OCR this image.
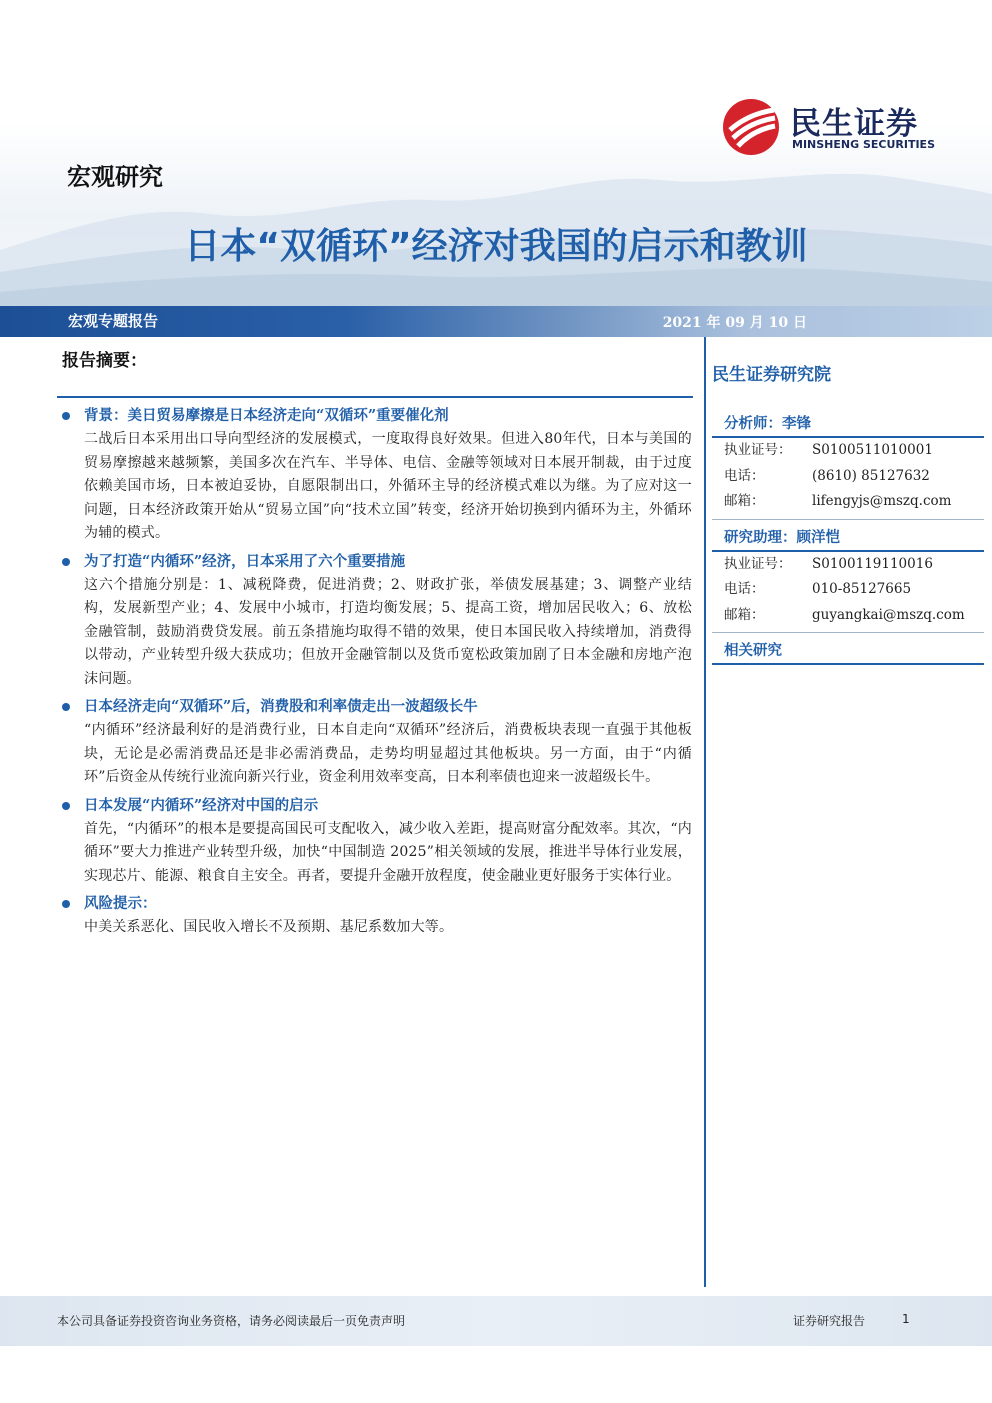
宏观研究
民生证券
MINSHENG SECURITIES
日本“双循环”经济对我国的启示和教训
宏观专题报告	2021 年 09 月 10 日
报告摘要：
背景：美日贸易摩擦是日本经济走向“双循环”重要催化剂
二战后日本采用出口导向型经济的发展模式，一度取得良好效果。但进入80年代，日本与美国的贸易摩擦越来越频繁，美国多次在汽车、半导体、电信、金融等领域对日本展开制裁，由于过度依赖美国市场，日本被迫妥协，自愿限制出口，外循环主导的经济模式难以为继。为了应对这一问题，日本经济政策开始从“贸易立国”向“技术立国”转变，经济开始切换到内循环为主，外循环为辅的模式。
为了打造“内循环”经济，日本采用了六个重要措施
这六个措施分别是：1、减税降费，促进消费；2、财政扩张，举债发展基建；3、调整产业结构，发展新型产业；4、发展中小城市，打造均衡发展；5、提高工资，增加居民收入；6、放松金融管制，鼓励消费贷发展。前五条措施均取得不错的效果，使日本国民收入持续增加，消费得以带动，产业转型升级大获成功；但放开金融管制以及货币宽松政策加剧了日本金融和房地产泡沫问题。
日本经济走向“双循环”后，消费股和利率债走出一波超级长牛
“内循环”经济最利好的是消费行业，日本自走向“双循环”经济后，消费板块表现一直强于其他板块，无论是必需消费品还是非必需消费品，走势均明显超过其他板块。另一方面，由于“内循环”后资金从传统行业流向新兴行业，资金利用效率变高，日本利率债也迎来一波超级长牛。
日本发展“内循环”经济对中国的启示
首先，“内循环”的根本是要提高国民可支配收入，减少收入差距，提高财富分配效率。其次，“内循环”要大力推进产业转型升级，加快“中国制造 2025”相关领域的发展，推进半导体行业发展，实现芯片、能源、粮食自主安全。再者，要提升金融开放程度，使金融业更好服务于实体行业。
风险提示：
中美关系恶化、国民收入增长不及预期、基尼系数加大等。
民生证券研究院
分析师：李锋
执业证号：	S0100511010001
电话：	(8610) 85127632
邮箱：	lifengyjs@mszq.com
研究助理：顾洋恺
执业证号：	S0100119110016
电话：	010-85127665
邮箱：	guyangkai@mszq.com
相关研究
本公司具备证券投资咨询业务资格，请务必阅读最后一页免责声明	证券研究报告	1
